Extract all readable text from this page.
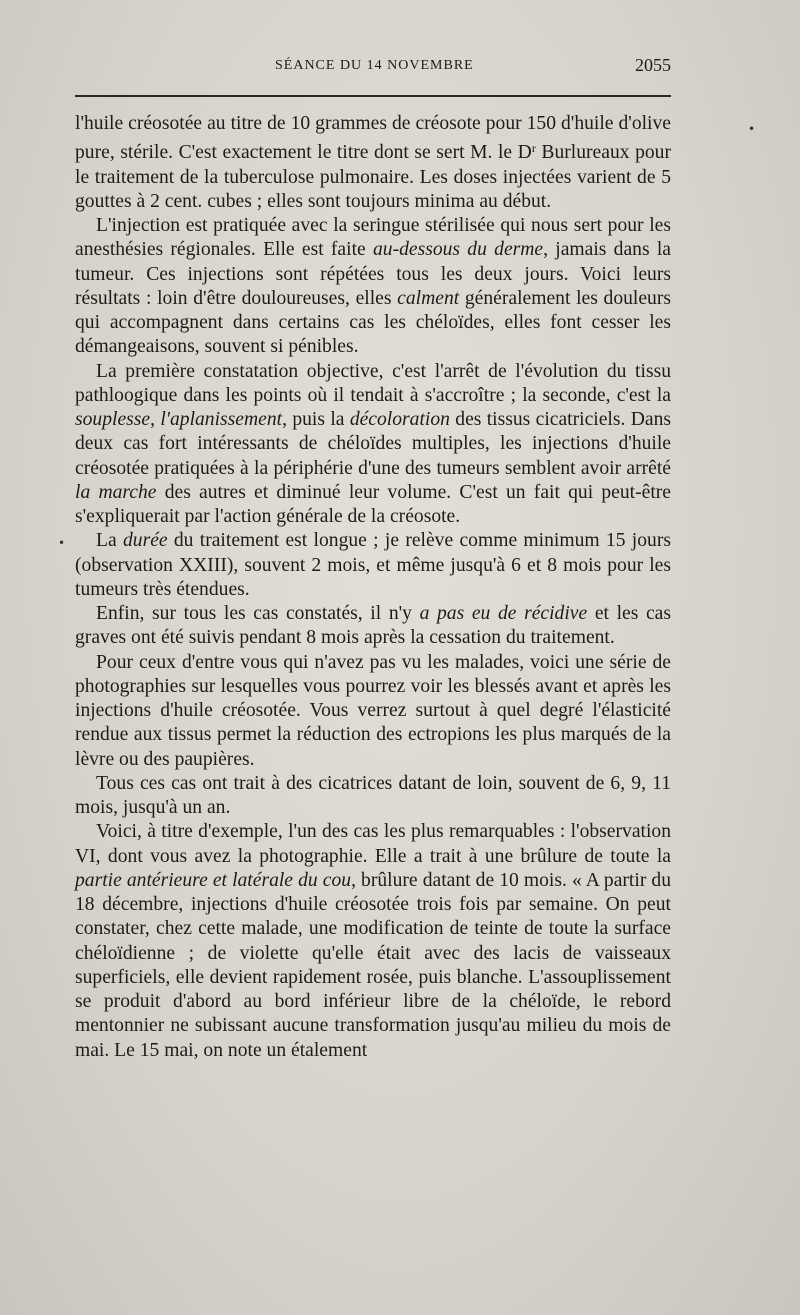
SÉANCE DU 14 NOVEMBRE	2055

l'huile créosotée au titre de 10 grammes de créosote pour 150 d'huile d'olive pure, stérile. C'est exactement le titre dont se sert M. le $D^r$ Burlureaux pour le traitement de la tuberculose pulmonaire. Les doses injectées varient de 5 gouttes à 2 cent. cubes ; elles sont toujours minima au début.

L'injection est pratiquée avec la seringue stérilisée qui nous sert pour les anesthésies régionales. Elle est faite au-dessous du derme, jamais dans la tumeur. Ces injections sont répétées tous les deux jours. Voici leurs résultats : loin d'être douloureuses, elles calment généralement les douleurs qui accompagnent dans certains cas les chéloïdes, elles font cesser les démangeaisons, souvent si pénibles.

La première constatation objective, c'est l'arrêt de l'évolution du tissu pathloogique dans les points où il tendait à s'accroître ; la seconde, c'est la souplesse, l'aplanissement, puis la décoloration des tissus cicatriciels. Dans deux cas fort intéressants de chéloïdes multiples, les injections d'huile créosotée pratiquées à la périphérie d'une des tumeurs semblent avoir arrêté la marche des autres et diminué leur volume. C'est un fait qui peut-être s'expliquerait par l'action générale de la créosote.

La durée du traitement est longue ; je relève comme minimum 15 jours (observation XXIII), souvent 2 mois, et même jusqu'à 6 et 8 mois pour les tumeurs très étendues.

Enfin, sur tous les cas constatés, il n'y a pas eu de récidive et les cas graves ont été suivis pendant 8 mois après la cessation du traitement.

Pour ceux d'entre vous qui n'avez pas vu les malades, voici une série de photographies sur lesquelles vous pourrez voir les blessés avant et après les injections d'huile créosotée. Vous verrez surtout à quel degré l'élasticité rendue aux tissus permet la réduction des ectropions les plus marqués de la lèvre ou des paupières.

Tous ces cas ont trait à des cicatrices datant de loin, souvent de 6, 9, 11 mois, jusqu'à un an.

Voici, à titre d'exemple, l'un des cas les plus remarquables : l'observation VI, dont vous avez la photographie. Elle a trait à une brûlure de toute la partie antérieure et latérale du cou, brûlure datant de 10 mois. « A partir du 18 décembre, injections d'huile créosotée trois fois par semaine. On peut constater, chez cette malade, une modification de teinte de toute la surface chéloïdienne ; de violette qu'elle était avec des lacis de vaisseaux superficiels, elle devient rapidement rosée, puis blanche. L'assouplissement se produit d'abord au bord inférieur libre de la chéloïde, le rebord mentonnier ne subissant aucune transformation jusqu'au milieu du mois de mai. Le 15 mai, on note un étalement

•
•
